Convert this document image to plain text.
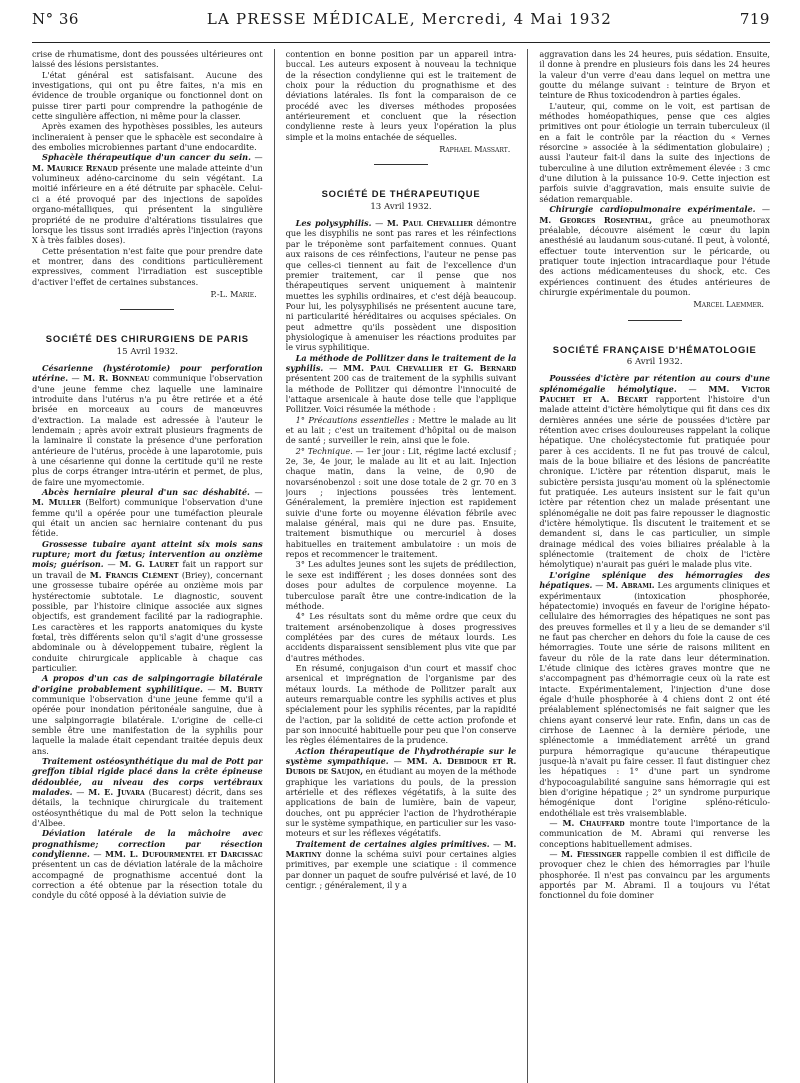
N° 36	LA PRESSE MÉDICALE, Mercredi, 4 Mai 1932	719

crise de rhumatisme, dont des poussées ultérieures ont laissé des lésions persistantes.

L'état général est satisfaisant. Aucune des investigations, qui ont pu être faites, n'a mis en évidence de trouble organique ou fonctionnel dont on puisse tirer parti pour comprendre la pathogénie de cette singulière affection, ni même pour la classer.

Après examen des hypothèses possibles, les auteurs inclineraient à penser que le sphacèle est secondaire à des embolies microbiennes partant d'une endocardite.

Sphacèle thérapeutique d'un cancer du sein. — M. Maurice Renaud présente une malade atteinte d'un volumineux adéno-carcinome du sein végétant. La moitié inférieure en a été détruite par sphacèle. Celui-ci a été provoqué par des injections de sapoïdes organo-métalliques, qui présentent la singulière propriété de ne produire d'altérations tissulaires que lorsque les tissus sont irradiés après l'injection (rayons X à très faibles doses).

Cette présentation n'est faite que pour prendre date et montrer, dans des conditions particulièrement expressives, comment l'irradiation est susceptible d'activer l'effet de certaines substances.

P.-L. Marie.
SOCIÉTÉ DES CHIRURGIENS DE PARIS
15 Avril 1932.

Césarienne (hystérotomie) pour perforation utérine. — M. R. Bonneau communique l'observation d'une jeune femme chez laquelle une laminaire introduite dans l'utérus n'a pu être retirée et a été brisée en morceaux au cours de manœuvres d'extraction. La malade est adressée à l'auteur le lendemain ; après avoir extrait plusieurs fragments de la laminaire il constate la présence d'une perforation antérieure de l'utérus, procède à une laparotomie, puis à une césarienne qui donne la certitude qu'il ne reste plus de corps étranger intra-utérin et permet, de plus, de faire une myomectomie.

Abcès herniaire pleural d'un sac déshabité. — M. Muller (Belfort) communique l'observation d'une femme qu'il a opérée pour une tuméfaction pleurale qui était un ancien sac herniaire contenant du pus fétide.

Grossesse tubaire ayant atteint six mois sans rupture; mort du fœtus; intervention au onzième mois; guérison. — M. G. Lauret fait un rapport sur un travail de M. Francis Clément (Briey), concernant une grossesse tubaire opérée au onzième mois par hystérectomie subtotale. Le diagnostic, souvent possible, par l'histoire clinique associée aux signes objectifs, est grandement facilité par la radiographie. Les caractères et les rapports anatomiques du kyste fœtal, très différents selon qu'il s'agit d'une grossesse abdominale ou à développement tubaire, règlent la conduite chirurgicale applicable à chaque cas particulier.

A propos d'un cas de salpingorragie bilatérale d'origine probablement syphilitique. — M. Burty communique l'observation d'une jeune femme qu'il a opérée pour inondation péritonéale sanguine, due à une salpingorragie bilatérale. L'origine de celle-ci semble être une manifestation de la syphilis pour laquelle la malade était cependant traitée depuis deux ans.

Traitement ostéosynthétique du mal de Pott par greffon tibial rigide placé dans la crête épineuse dédoublée, au niveau des corps vertébraux malades. — M. E. Juvara (Bucarest) décrit, dans ses détails, la technique chirurgicale du traitement ostéosynthétique du mal de Pott selon la technique d'Albee.

Déviation latérale de la mâchoire avec prognathisme; correction par résection condylienne. — MM. L. Dufourmentel et Darcissac présentent un cas de déviation latérale de la mâchoire accompagné de prognathisme accentué dont la correction a été obtenue par la résection totale du condyle du côté opposé à la déviation suivie de

contention en bonne position par un appareil intra-buccal. Les auteurs exposent à nouveau la technique de la résection condylienne qui est le traitement de choix pour la réduction du prognathisme et des déviations latérales. Ils font la comparaison de ce procédé avec les diverses méthodes proposées antérieurement et concluent que la résection condylienne reste à leurs yeux l'opération la plus simple et la moins entachée de séquelles.

Raphael Massart.
SOCIÉTÉ DE THÉRAPEUTIQUE
13 Avril 1932.

Les polysyphilis. — M. Paul Chevallier démontre que les disyphilis ne sont pas rares et les réinfections par le tréponème sont parfaitement connues. Quant aux raisons de ces réinfections, l'auteur ne pense pas que celles-ci tiennent au fait de l'excellence d'un premier traitement, car il pense que nos thérapeutiques servent uniquement à maintenir muettes les syphilis ordinaires, et c'est déjà beaucoup. Pour lui, les polysyphilisés ne présentent aucune tare, ni particularité héréditaires ou acquises spéciales. On peut admettre qu'ils possèdent une disposition physiologique à amenuiser les réactions produites par le virus syphilitique.

La méthode de Pollitzer dans le traitement de la syphilis. — MM. Paul Chevallier et G. Bernard présentent 200 cas de traitement de la syphilis suivant la méthode de Pollitzer qui démontre l'innocuité de l'attaque arsenicale à haute dose telle que l'applique Pollitzer. Voici résumée la méthode :

1° Précautions essentielles : Mettre le malade au lit et au lait ; c'est un traitement d'hôpital ou de maison de santé ; surveiller le rein, ainsi que le foie.

2° Technique. — 1er jour : Lit, régime lacté exclusif ; 2e, 3e, 4e jour, le malade au lit et au lait. Injection chaque matin, dans la veine, de 0,90 de novarsénobenzol : soit une dose totale de 2 gr. 70 en 3 jours ; injections poussées très lentement. Généralement, la première injection est rapidement suivie d'une forte ou moyenne élévation fébrile avec malaise général, mais qui ne dure pas. Ensuite, traitement bismuthique ou mercuriel à doses habituelles en traitement ambulatoire : un mois de repos et recommencer le traitement.

3° Les adultes jeunes sont les sujets de prédilection, le sexe est indifférent ; les doses données sont des doses pour adultes de corpulence moyenne. La tuberculose paraît être une contre-indication de la méthode.

4° Les résultats sont du même ordre que ceux du traitement arsénobenzolique à doses progressives complétées par des cures de métaux lourds. Les accidents disparaissent sensiblement plus vite que par d'autres méthodes.

En résumé, conjugaison d'un court et massif choc arsenical et imprégnation de l'organisme par des métaux lourds. La méthode de Pollitzer paraît aux auteurs remarquable contre les syphilis actives et plus spécialement pour les syphilis récentes, par la rapidité de l'action, par la solidité de cette action profonde et par son innocuité habituelle pour peu que l'on conserve les règles élémentaires de la prudence.

Action thérapeutique de l'hydrothérapie sur le système sympathique. — MM. A. Debidour et R. Dubois de Saujon, en étudiant au moyen de la méthode graphique les variations du pouls, de la pression artérielle et des réflexes végétatifs, à la suite des applications de bain de lumière, bain de vapeur, douches, ont pu apprécier l'action de l'hydrothérapie sur le système sympathique, en particulier sur les vaso-moteurs et sur les réflexes végétatifs.

Traitement de certaines algies primitives. — M. Martiny donne la schéma suivi pour certaines algies primitives, par exemple une sciatique : il commence par donner un paquet de soufre pulvérisé et lavé, de 10 centigr. ; généralement, il y a

aggravation dans les 24 heures, puis sédation. Ensuite, il donne à prendre en plusieurs fois dans les 24 heures la valeur d'un verre d'eau dans lequel on mettra une goutte du mélange suivant : teinture de Bryon et teinture de Rhus toxicodendron à parties égales.

L'auteur, qui, comme on le voit, est partisan de méthodes homéopathiques, pense que ces algies primitives ont pour étiologie un terrain tuberculeux (il en a fait le contrôle par la réaction du « Vernes résorcine » associée à la sédimentation globulaire) ; aussi l'auteur fait-il dans la suite des injections de tuberculine à une dilution extrêmement élevée : 3 cmc d'une dilution à la puissance 10-9. Cette injection est parfois suivie d'aggravation, mais ensuite suivie de sédation remarquable.

Chirurgie cardiopulmonaire expérimentale. — M. Georges Rosenthal, grâce au pneumothorax préalable, découvre aisément le cœur du lapin anesthésié au laudanum sous-cutané. Il peut, à volonté, effectuer toute intervention sur le péricarde, ou pratiquer toute injection intracardiaque pour l'étude des actions médicamenteuses du shock, etc. Ces expériences continuent des études antérieures de chirurgie expérimentale du poumon.

Marcel Laemmer.
SOCIÉTÉ FRANÇAISE D'HÉMATOLOGIE
6 Avril 1932.

Poussées d'ictère par rétention au cours d'une splénomégalie hémolytique. — MM. Victor Pauchet et A. Bécart rapportent l'histoire d'un malade atteint d'ictère hémolytique qui fit dans ces dix dernières années une série de poussées d'ictère par rétention avec crises douloureuses rappelant la colique hépatique. Une cholécystectomie fut pratiquée pour parer à ces accidents. Il ne fut pas trouvé de calcul, mais de la boue biliaire et des lésions de pancréatite chronique. L'ictère par rétention disparut, mais le subictère persista jusqu'au moment où la splénectomie fut pratiquée. Les auteurs insistent sur le fait qu'un ictère par rétention chez un malade présentant une splénomégalie ne doit pas faire repousser le diagnostic d'ictère hémolytique. Ils discutent le traitement et se demandent si, dans le cas particulier, un simple drainage médical des voies biliaires préalable à la splénectomie (traitement de choix de l'ictère hémolytique) n'aurait pas guéri le malade plus vite.

L'origine splénique des hémorragies des hépatiques. — M. Abrami. Les arguments cliniques et expérimentaux (intoxication phosphorée, hépatectomie) invoqués en faveur de l'origine hépato-cellulaire des hémorragies des hépatiques ne sont pas des preuves formelles et il y a lieu de se demander s'il ne faut pas chercher en dehors du foie la cause de ces hémorragies. Toute une série de raisons militent en faveur du rôle de la rate dans leur détermination. L'étude clinique des ictères graves montre que ne s'accompagnent pas d'hémorragie ceux où la rate est intacte. Expérimentalement, l'injection d'une dose égale d'huile phosphorée à 4 chiens dont 2 ont été préalablement splénectomisés ne fait saigner que les chiens ayant conservé leur rate. Enfin, dans un cas de cirrhose de Laennec à la dernière période, une splénectomie a immédiatement arrêté un grand purpura hémorragique qu'aucune thérapeutique jusque-là n'avait pu faire cesser. Il faut distinguer chez les hépatiques : 1° d'une part un syndrome d'hypocoagulabilité sanguine sans hémorragie qui est bien d'origine hépatique ; 2° un syndrome purpurique hémogénique dont l'origine spléno-réticulo-endothéliale est très vraisemblable.

— M. Chauffard montre toute l'importance de la communication de M. Abrami qui renverse les conceptions habituellement admises.

— M. Fiessinger rappelle combien il est difficile de provoquer chez le chien des hémorragies par l'huile phosphorée. Il n'est pas convaincu par les arguments apportés par M. Abrami. Il a toujours vu l'état fonctionnel du foie dominer
